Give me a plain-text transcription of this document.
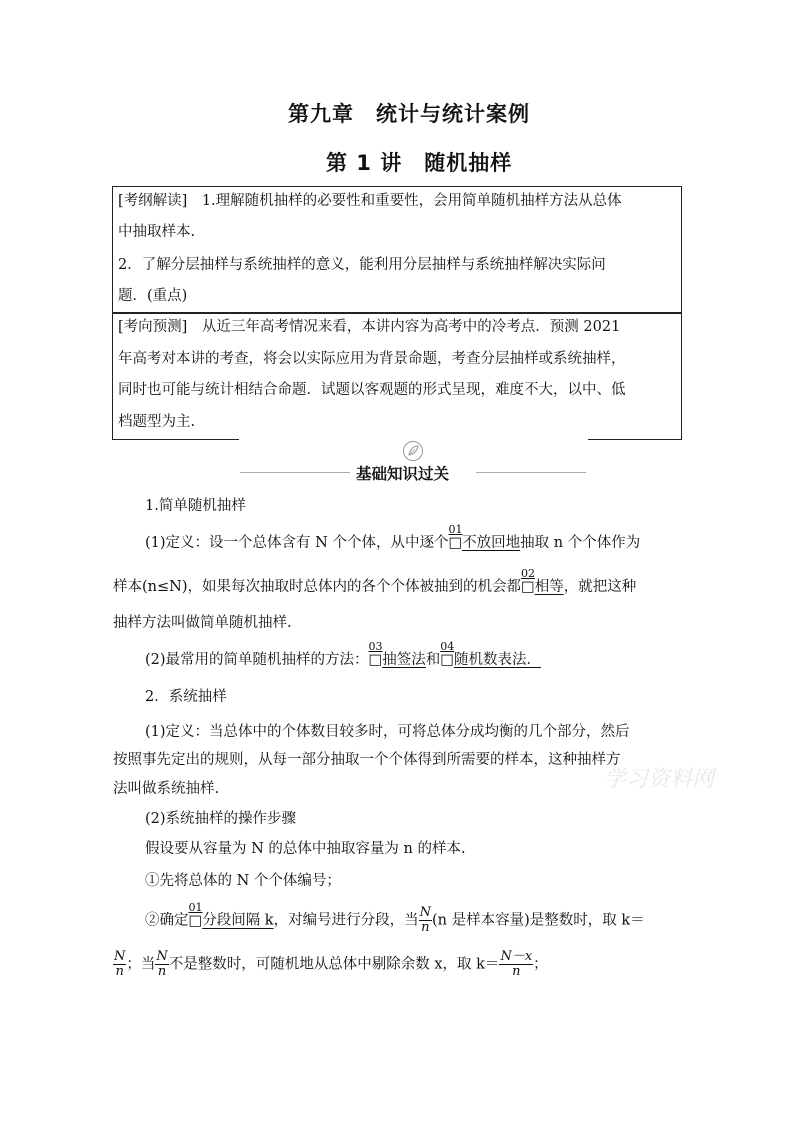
第九章　统计与统计案例
第 1 讲　随机抽样
[考纲解读]　1.理解随机抽样的必要性和重要性，会用简单随机抽样方法从总体
中抽取样本.
2．了解分层抽样与系统抽样的意义，能利用分层抽样与系统抽样解决实际问
题．(重点)
[考向预测]　从近三年高考情况来看，本讲内容为高考中的冷考点．预测 2021
年高考对本讲的考查，将会以实际应用为背景命题，考查分层抽样或系统抽样，
同时也可能与统计相结合命题．试题以客观题的形式呈现，难度不大，以中、低
档题型为主.
基础知识过关
1.简单随机抽样
(1)定义：设一个总体含有 N 个个体，从中逐个
01
□不放回地抽取 n 个个体作为
样本(n≤N)，如果每次抽取时总体内的各个个体被抽到的机会都
02
□相等，就把这种
抽样方法叫做简单随机抽样.
(2)最常用的简单随机抽样的方法：
03
□抽签法和
04
□随机数表法．
2．系统抽样
(1)定义：当总体中的个体数目较多时，可将总体分成均衡的几个部分，然后
按照事先定出的规则，从每一部分抽取一个个体得到所需要的样本，这种抽样方
法叫做系统抽样.
(2)系统抽样的操作步骤
假设要从容量为 N 的总体中抽取容量为 n 的样本.
①先将总体的 N 个个体编号；
②确定
01
□分段间隔 k，对编号进行分段，当 $\frac{N}{n} (n$ 是样本容量)是整数时，取 k＝
$\frac{N}{n}$ ；当 $\frac{N}{n}$ 不是整数时，可随机地从总体中剔除余数 x，取 $k= \frac{N-x}{n}$ ；
学习资料网
